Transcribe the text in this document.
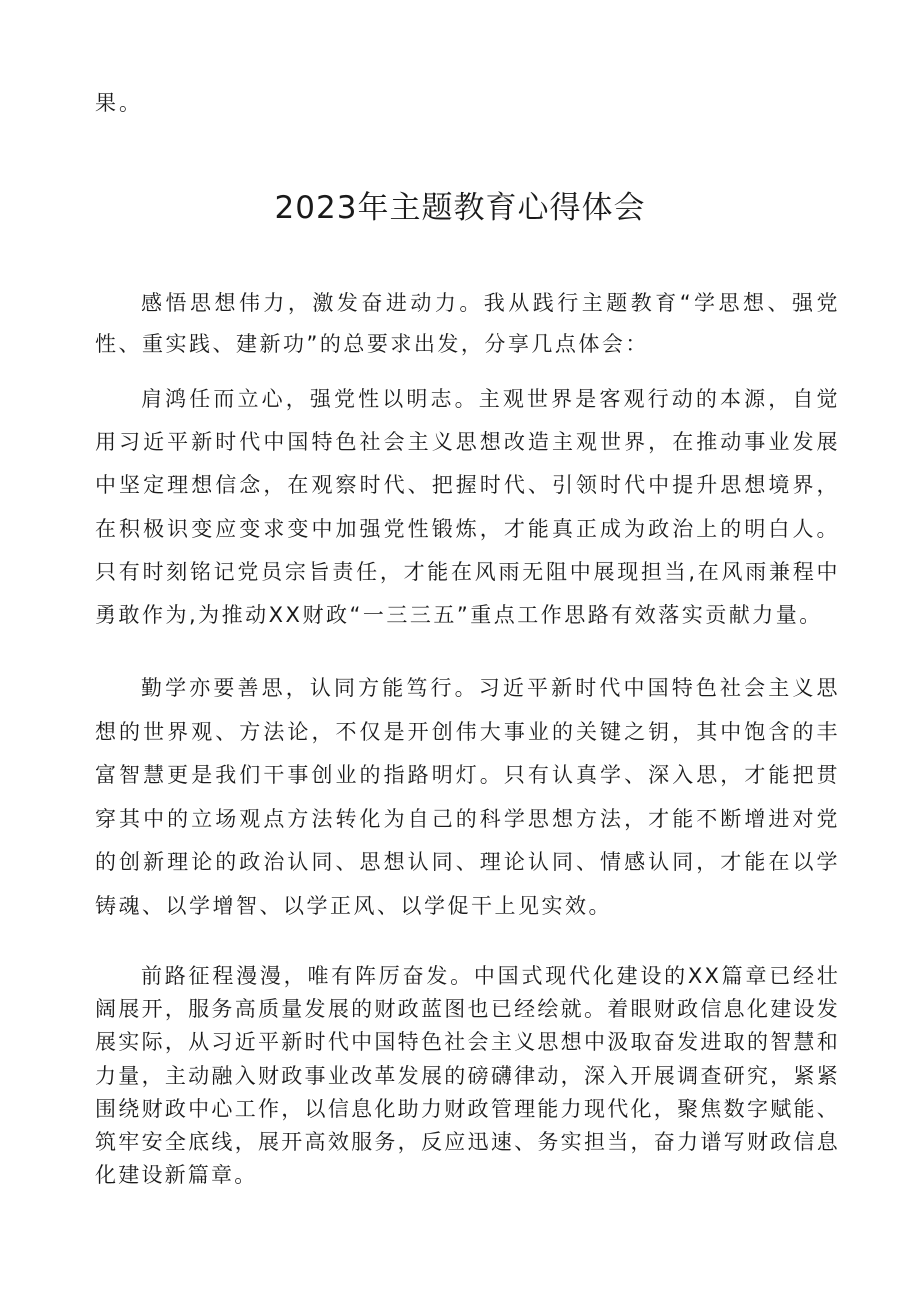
果。

2023年主题教育心得体会

感悟思想伟力，激发奋进动力。我从践行主题教育“学思想、强党性、重实践、建新功”的总要求出发，分享几点体会：

肩鸿任而立心，强党性以明志。主观世界是客观行动的本源，自觉用习近平新时代中国特色社会主义思想改造主观世界，在推动事业发展中坚定理想信念，在观察时代、把握时代、引领时代中提升思想境界，在积极识变应变求变中加强党性锻炼，才能真正成为政治上的明白人。只有时刻铭记党员宗旨责任，才能在风雨无阻中展现担当,在风雨兼程中勇敢作为,为推动XX财政“一三三五”重点工作思路有效落实贡献力量。

勤学亦要善思，认同方能笃行。习近平新时代中国特色社会主义思想的世界观、方法论，不仅是开创伟大事业的关键之钥，其中饱含的丰富智慧更是我们干事创业的指路明灯。只有认真学、深入思，才能把贯穿其中的立场观点方法转化为自己的科学思想方法，才能不断增进对党的创新理论的政治认同、思想认同、理论认同、情感认同，才能在以学铸魂、以学增智、以学正风、以学促干上见实效。

前路征程漫漫，唯有阵厉奋发。中国式现代化建设的XX篇章已经壮阔展开，服务高质量发展的财政蓝图也已经绘就。着眼财政信息化建设发展实际，从习近平新时代中国特色社会主义思想中汲取奋发进取的智慧和力量，主动融入财政事业改革发展的磅礴律动，深入开展调查研究，紧紧围绕财政中心工作，以信息化助力财政管理能力现代化，聚焦数字赋能、筑牢安全底线，展开高效服务，反应迅速、务实担当，奋力谱写财政信息化建设新篇章。
